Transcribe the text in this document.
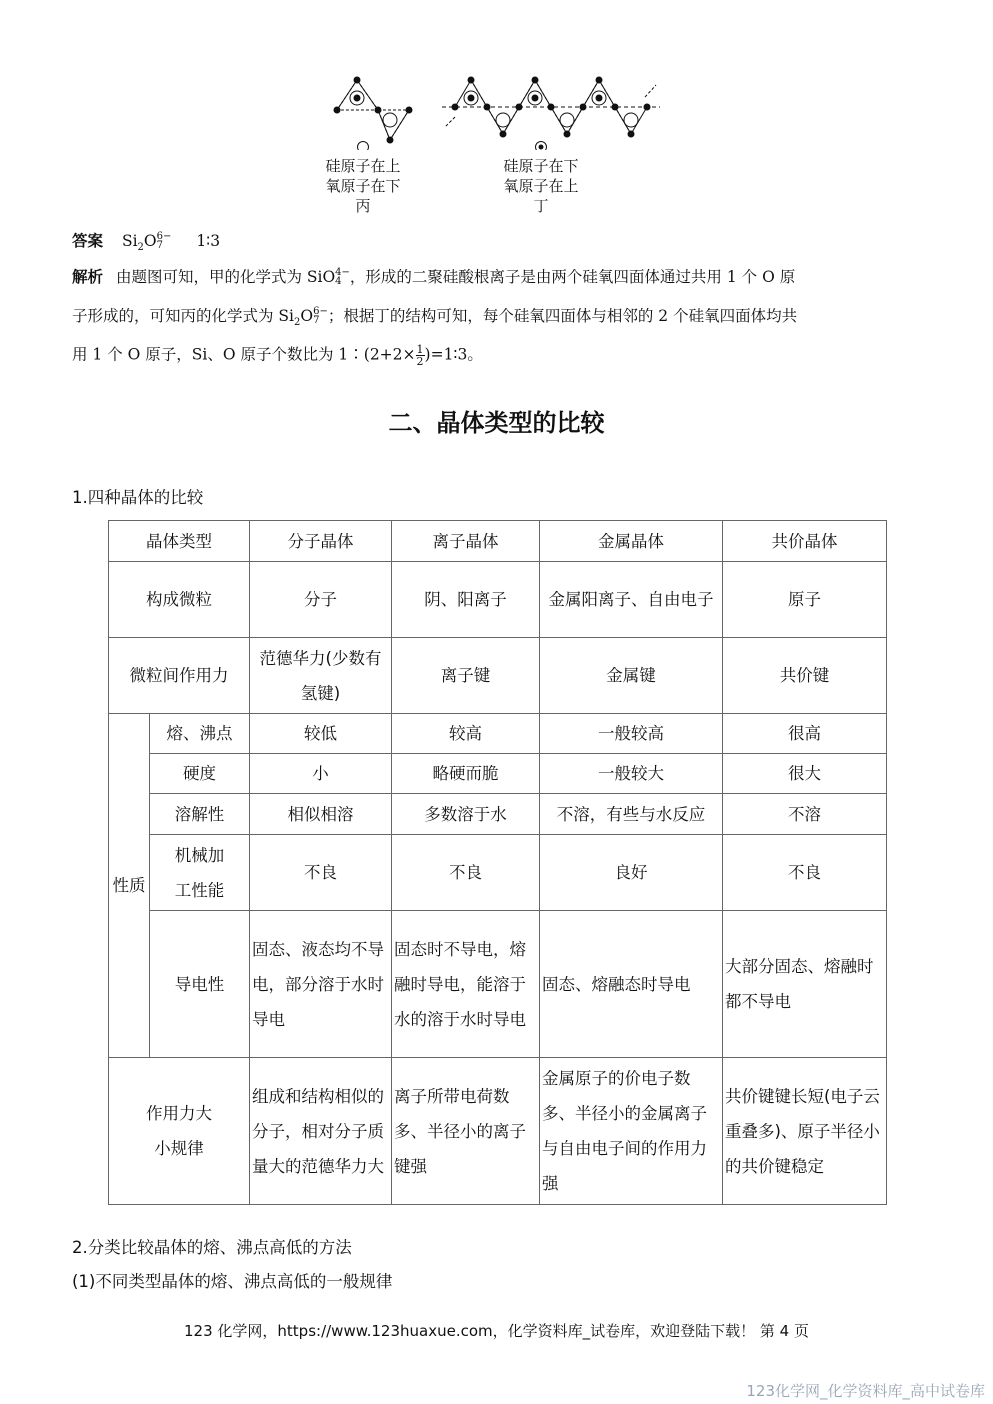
硅原子在上
氧原子在下
丙
硅原子在下
氧原子在上
丁
答案 $Si_2O$ 6−
7	1∶3
解析 由题图可知，甲的化学式为 SiO 4−
4 ，形成的二聚硅酸根离子是由两个硅氧四面体通过共用 1 个 O 原
子形成的，可知丙的化学式为 $Si_2O$ 6−
7 ；根据丁的结构可知，每个硅氧四面体与相邻的 2 个硅氧四面体均共
用 1 个 O 原子，Si、O 原子个数比为 1∶(2+2× $\frac{1}{2}$ )=1∶3。
二、晶体类型的比较
1.四种晶体的比较
晶体类型		分子晶体	离子晶体	金属晶体	共价晶体
构成微粒		分子	阴、阳离子	金属阳离子、自由电子	原子
微粒间作用力		范德华力(少数有氢键)	离子键	金属键	共价键
性质	熔、沸点	较低	较高	一般较高	很高
	硬度	小	略硬而脆	一般较大	很大
	溶解性	相似相溶	多数溶于水	不溶，有些与水反应	不溶
	机械加工性能	不良	不良	良好	不良
	导电性	固态、液态均不导电，部分溶于水时导电	固态时不导电，熔融时导电，能溶于水的溶于水时导电	固态、熔融态时导电	大部分固态、熔融时都不导电
作用力大小规律		组成和结构相似的分子，相对分子质量大的范德华力大	离子所带电荷数多、半径小的离子键强	金属原子的价电子数多、半径小的金属离子与自由电子间的作用力强	共价键键长短(电子云重叠多)、原子半径小的共价键稳定
2.分类比较晶体的熔、沸点高低的方法
(1)不同类型晶体的熔、沸点高低的一般规律
123 化学网，https://www.123huaxue.com，化学资料库_试卷库，欢迎登陆下载！ 第 4 页
123化学网_化学资料库_高中试卷库
